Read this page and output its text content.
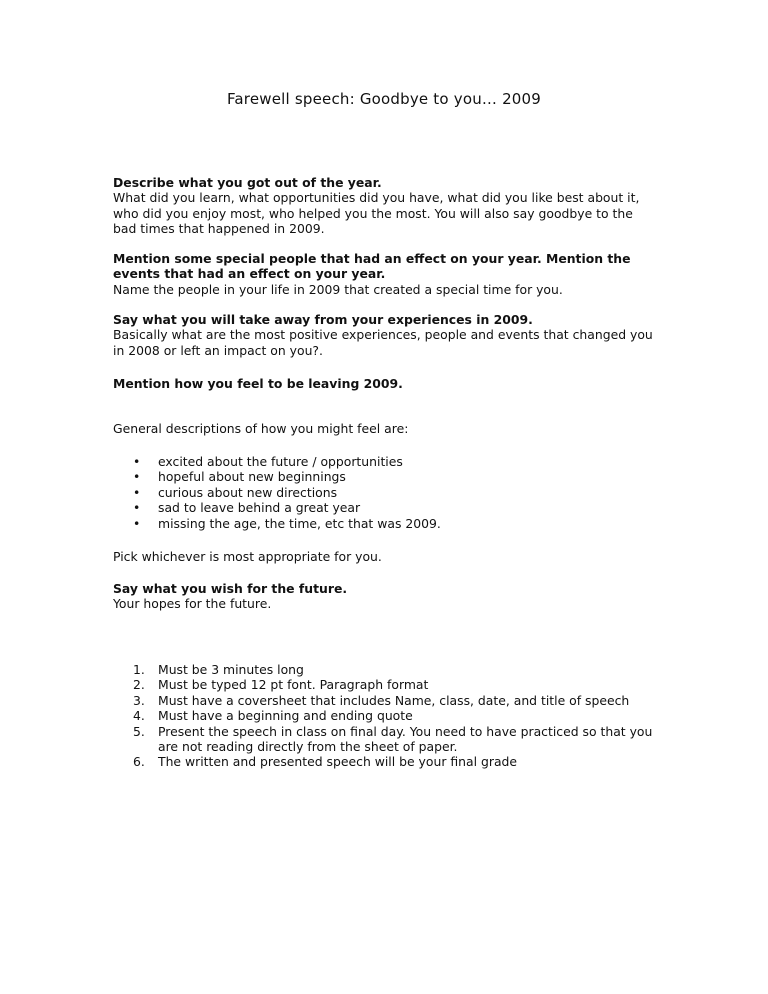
Farewell speech: Goodbye to you… 2009

Describe what you got out of the year.

What did you learn, what opportunities did you have, what did you like best about it, who did you enjoy most, who helped you the most. You will also say goodbye to the bad times that happened in 2009.

Mention some special people that had an effect on your year. Mention the events that had an effect on your year.

Name the people in your life in 2009 that created a special time for you.

Say what you will take away from your experiences in 2009.

Basically what are the most positive experiences, people and events that changed you in 2008 or left an impact on you?.

Mention how you feel to be leaving 2009.

General descriptions of how you might feel are:
• excited about the future / opportunities
• hopeful about new beginnings
• curious about new directions
• sad to leave behind a great year
• missing the age, the time, etc that was 2009.
Pick whichever is most appropriate for you.

Say what you wish for the future.

Your hopes for the future.

1. Must be 3 minutes long
2. Must be typed 12 pt font. Paragraph format
3. Must have a coversheet that includes Name, class, date, and title of speech
4. Must have a beginning and ending quote
5. Present the speech in class on final day. You need to have practiced so that you are not reading directly from the sheet of paper.
6. The written and presented speech will be your final grade
